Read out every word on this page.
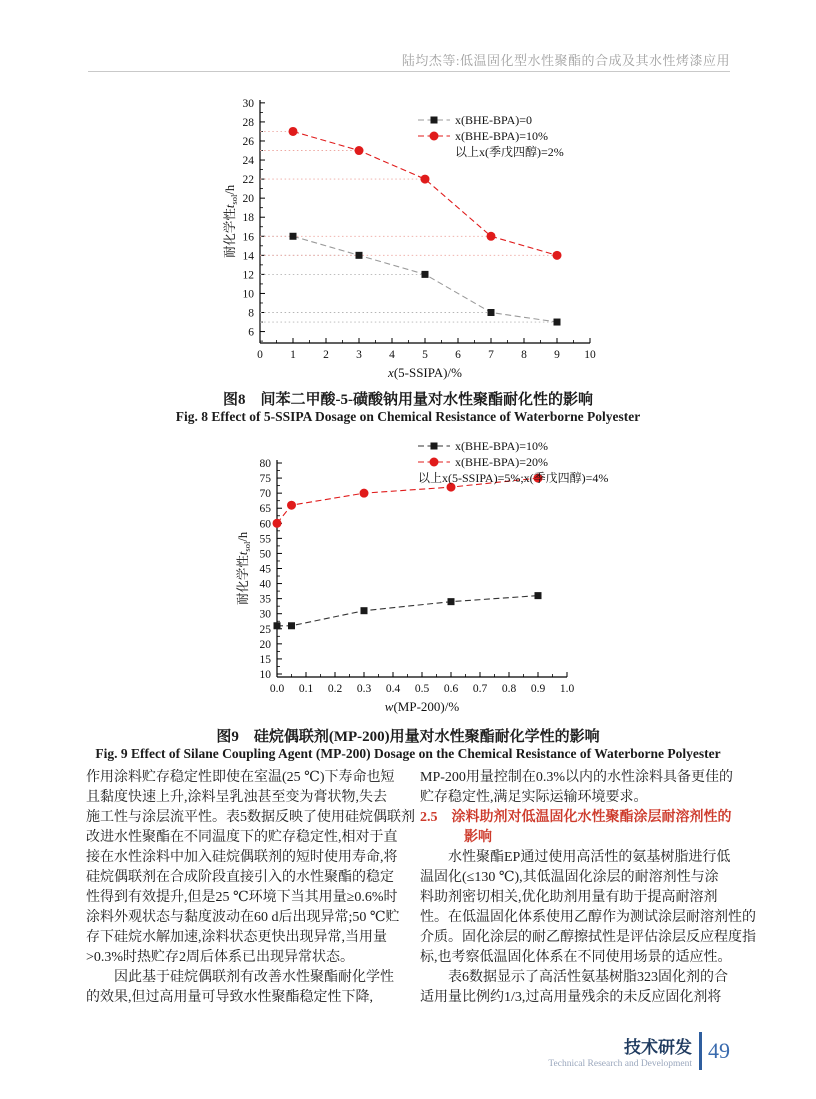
陆均杰等:低温固化型水性聚酯的合成及其水性烤漆应用
0 1 2 3 4 5 6 7 8 9 10
6
8
10
12
14
16
18
20
22
24
26
28
30
x(5-SSIPA)/%
耐化学性$t_{sol}/h$
x(BHE-BPA)=0
x(BHE-BPA)=10%
以上x(季戊四醇)=2%
图8　间苯二甲酸-5-磺酸钠用量对水性聚酯耐化性的影响
Fig. 8 Effect of 5-SSIPA Dosage on Chemical Resistance of Waterborne Polyester
0.0 0.1 0.2 0.3 0.4 0.5 0.6 0.7 0.8 0.9 1.0
10
15
20
25
30
35
40
45
50
55
60
65
70
75
80
w(MP-200)/%
耐化学性$t_{sol}/h$
x(BHE-BPA)=10%
x(BHE-BPA)=20%
以上x(5-SSIPA)=5%;x(季戊四醇)=4%
图9　硅烷偶联剂(MP-200)用量对水性聚酯耐化学性的影响
Fig. 9 Effect of Silane Coupling Agent (MP-200) Dosage on the Chemical Resistance of Waterborne Polyester
作用涂料贮存稳定性即使在室温(25 ℃)下寿命也短
且黏度快速上升,涂料呈乳浊甚至变为膏状物,失去
施工性与涂层流平性。表5数据反映了使用硅烷偶联剂
改进水性聚酯在不同温度下的贮存稳定性,相对于直
接在水性涂料中加入硅烷偶联剂的短时使用寿命,将
硅烷偶联剂在合成阶段直接引入的水性聚酯的稳定
性得到有效提升,但是25 ℃环境下当其用量≥0.6%时
涂料外观状态与黏度波动在60 d后出现异常;50 ℃贮
存下硅烷水解加速,涂料状态更快出现异常,当用量
>0.3%时热贮存2周后体系已出现异常状态。
　　因此基于硅烷偶联剂有改善水性聚酯耐化学性
的效果,但过高用量可导致水性聚酯稳定性下降,
MP-200用量控制在0.3%以内的水性涂料具备更佳的
贮存稳定性,满足实际运输环境要求。
2.5　涂料助剂对低温固化水性聚酯涂层耐溶剂性的
影响
　　水性聚酯EP通过使用高活性的氨基树脂进行低
温固化(≤130 ℃),其低温固化涂层的耐溶剂性与涂
料助剂密切相关,优化助剂用量有助于提高耐溶剂
性。在低温固化体系使用乙醇作为测试涂层耐溶剂性的
介质。固化涂层的耐乙醇擦拭性是评估涂层反应程度指
标,也考察低温固化体系在不同使用场景的适应性。
　　表6数据显示了高活性氨基树脂323固化剂的合
适用量比例约1/3,过高用量残余的未反应固化剂将
技术研发
Technical Research and Development
49
